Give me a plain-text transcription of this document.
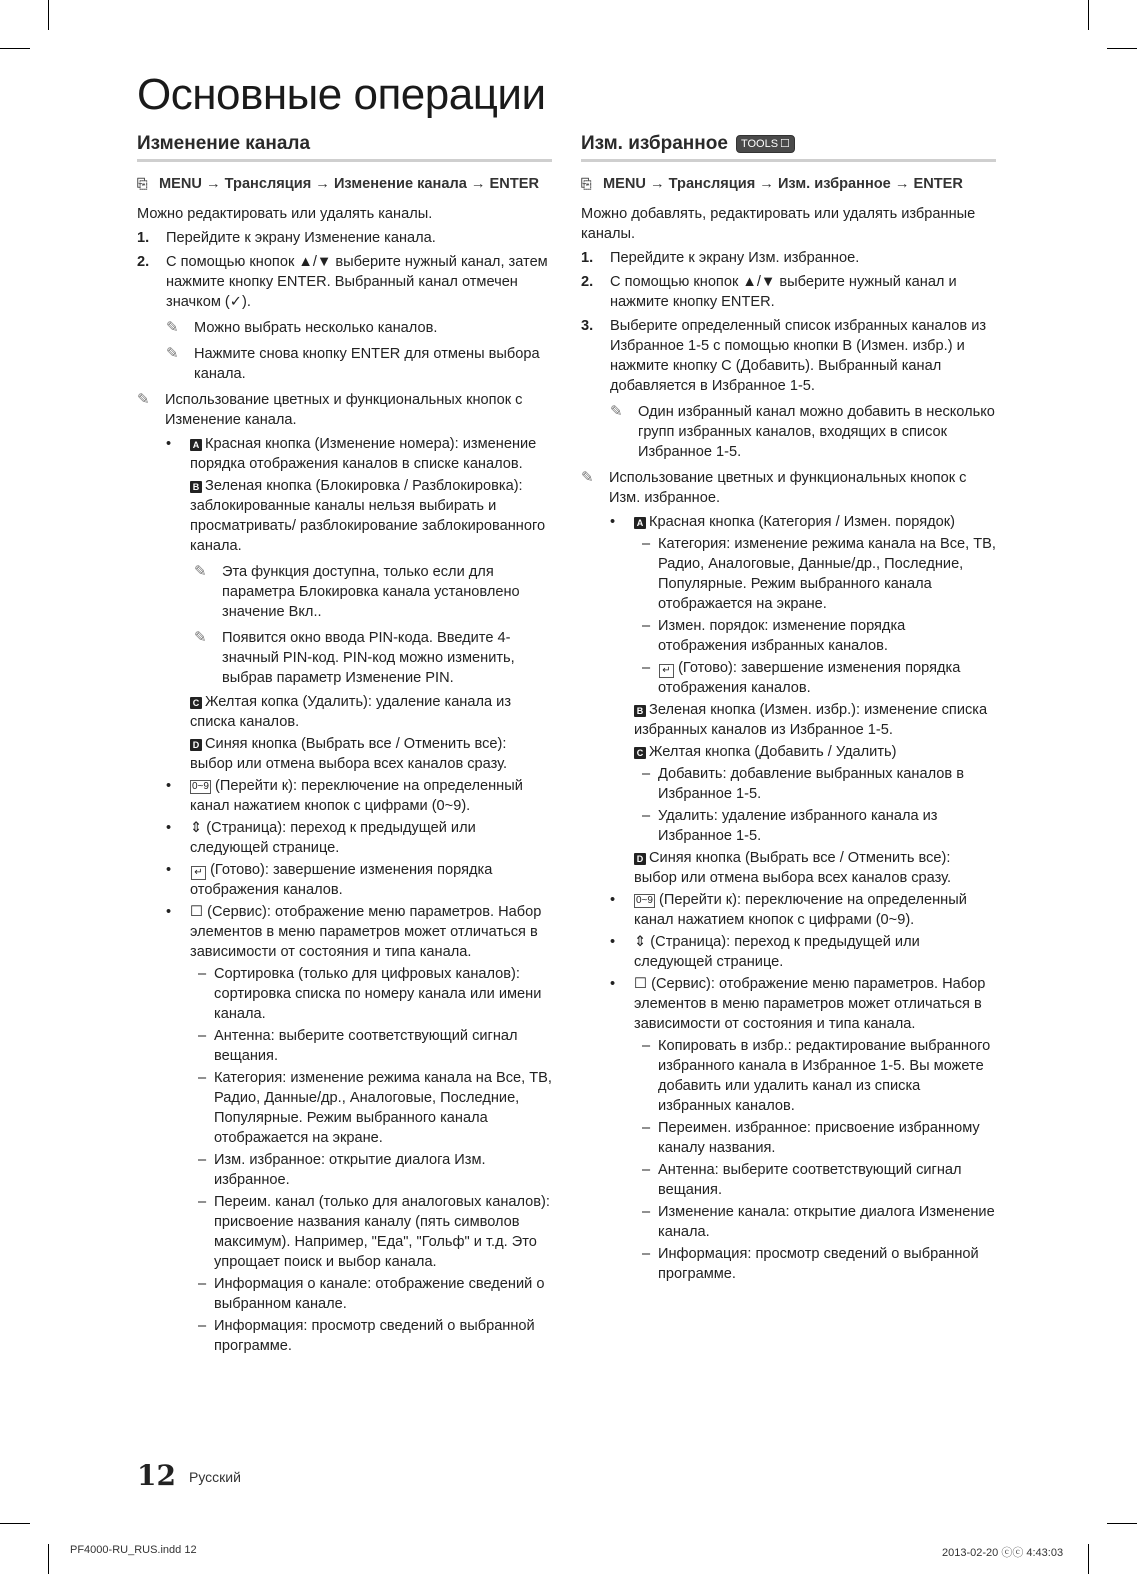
Основные операции
Изменение канала
⎘ MENU → Трансляция → Изменение канала → ENTER
Можно редактировать или удалять каналы.
1.	Перейдите к экрану Изменение канала.
2.	С помощью кнопок ▲/▼ выберите нужный канал, затем нажмите кнопку ENTER. Выбранный канал отмечен значком (✓).
✎	Можно выбрать несколько каналов.
✎	Нажмите снова кнопку ENTER для отмены выбора канала.
✎	Использование цветных и функциональных кнопок с Изменение канала.
•	A Красная кнопка (Изменение номера): изменение порядка отображения каналов в списке каналов.
B Зеленая кнопка (Блокировка / Разблокировка): заблокированные каналы нельзя выбирать и просматривать/ разблокирование заблокированного канала.
✎	Эта функция доступна, только если для параметра Блокировка канала установлено значение Вкл..
✎	Появится окно ввода PIN-кода. Введите 4-значный PIN-код. PIN-код можно изменить, выбрав параметр Изменение PIN.
C Желтая копка (Удалить): удаление канала из списка каналов.
D Синяя кнопка (Выбрать все / Отменить все): выбор или отмена выбора всех каналов сразу.
•	0~9 (Перейти к): переключение на определенный канал нажатием кнопок с цифрами (0~9).
•	⇕ (Страница): переход к предыдущей или следующей странице.
•	↵ (Готово): завершение изменения порядка отображения каналов.
•	☐ (Сервис): отображение меню параметров. Набор элементов в меню параметров может отличаться в зависимости от состояния и типа канала.
– Сортировка (только для цифровых каналов): сортировка списка по номеру канала или имени канала.
– Антенна: выберите соответствующий сигнал вещания.
– Категория: изменение режима канала на Все, ТВ, Радио, Данные/др., Аналоговые, Последние, Популярные. Режим выбранного канала отображается на экране.
– Изм. избранное: открытие диалога Изм. избранное.
– Переим. канал (только для аналоговых каналов): присвоение названия каналу (пять символов максимум). Например, "Еда", "Гольф" и т.д. Это упрощает поиск и выбор канала.
– Информация о канале: отображение сведений о выбранном канале.
– Информация: просмотр сведений о выбранной программе.
Изм. избранное TOOLS ☐
⎘ MENU → Трансляция → Изм. избранное → ENTER
Можно добавлять, редактировать или удалять избранные каналы.
1.	Перейдите к экрану Изм. избранное.
2.	С помощью кнопок ▲/▼ выберите нужный канал и нажмите кнопку ENTER.
3.	Выберите определенный список избранных каналов из Избранное 1-5 с помощью кнопки B (Измен. избр.) и нажмите кнопку C (Добавить). Выбранный канал добавляется в Избранное 1-5.
✎	Один избранный канал можно добавить в несколько групп избранных каналов, входящих в список Избранное 1-5.
✎	Использование цветных и функциональных кнопок с Изм. избранное.
•	A Красная кнопка (Категория / Измен. порядок)
– Категория: изменение режима канала на Все, ТВ, Радио, Аналоговые, Данные/др., Последние, Популярные. Режим выбранного канала отображается на экране.
– Измен. порядок: изменение порядка отображения избранных каналов.
–	↵ (Готово): завершение изменения порядка отображения каналов.
B Зеленая кнопка (Измен. избр.): изменение списка избранных каналов из Избранное 1-5.
C Желтая кнопка (Добавить / Удалить)
– Добавить: добавление выбранных каналов в Избранное 1-5.
– Удалить: удаление избранного канала из Избранное 1-5.
D Синяя кнопка (Выбрать все / Отменить все): выбор или отмена выбора всех каналов сразу.
•	0~9 (Перейти к): переключение на определенный канал нажатием кнопок с цифрами (0~9).
•	⇕ (Страница): переход к предыдущей или следующей странице.
•	☐ (Сервис): отображение меню параметров. Набор элементов в меню параметров может отличаться в зависимости от состояния и типа канала.
– Копировать в избр.: редактирование выбранного избранного канала в Избранное 1-5. Вы можете добавить или удалить канал из списка избранных каналов.
– Переимен. избранное: присвоение избранному каналу названия.
– Антенна: выберите соответствующий сигнал вещания.
– Изменение канала: открытие диалога Изменение канала.
– Информация: просмотр сведений о выбранной программе.
12 Русский
PF4000-RU_RUS.indd 12	2013-02-20 ⓒⓒ 4:43:03
